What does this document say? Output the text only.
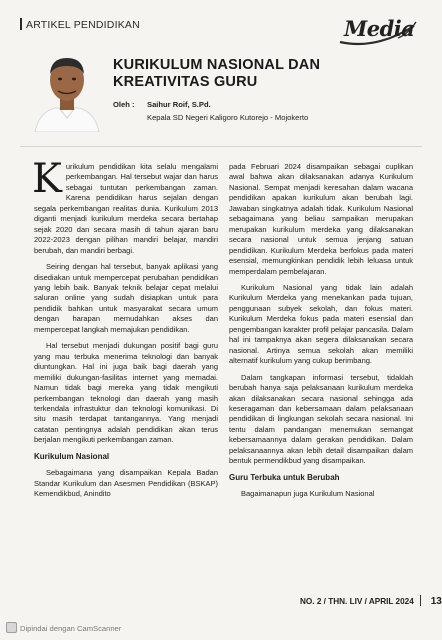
ARTIKEL PENDIDIKAN	Media
KURIKULUM NASIONAL DAN
KREATIVITAS GURU
Oleh :	Saihur Roif, S.Pd.
Kepala SD Negeri Kaligoro Kutorejo - Mojokerto

Kurikulum pendidikan kita selalu mengalami perkembangan. Hal tersebut wajar dan harus sebagai tuntutan perkembangan zaman. Karena pendidikan harus sejalan dengan segala perkembangan realitas dunia. Kurikulum 2013 diganti menjadi kurikulum merdeka secara bertahap sejak 2020 dan secara masih di tahun ajaran baru 2022-2023 dengan pilihan mandiri belajar, mandiri berubah, dan mandiri berbagi.

Seiring dengan hal tersebut, banyak aplikasi yang disediakan untuk mempercepat perubahan pendidikan yang lebih baik. Banyak teknik belajar cepat melalui saluran online yang sudah disiapkan untuk para pendidik bahkan untuk masyarakat secara umum dengan harapan memudahkan akses dan mempercepat langkah memajukan pendidikan.

Hal tersebut menjadi dukungan positif bagi guru yang mau terbuka menerima teknologi dan banyak diuntungkan. Hal ini juga baik bagi daerah yang memiliki dukungan-fasilitas internet yang memadai. Namun tidak bagi mereka yang tidak mengikuti perkembangan teknologi dan daerah yang masih terkendala infrastuktur dan teknologi komunikasi. Di situ masih terdapat tantangannya. Yang menjadi catatan pentingnya adalah pendidikan akan terus berjalan mengikuti perkembangan zaman.

Kurikulum Nasional

Sebagaimana yang disampaikan Kepala Badan Standar Kurikulum dan Asesmen Pendidikan (BSKAP) Kemendikbud, Anindito

pada Februari 2024 disampaikan sebagai cuplikan awal bahwa akan dilaksanakan adanya Kurikulum Nasional. Sempat menjadi keresahan dalam wacana pendidikan apakan kurikulum akan berubah lagi. Jawaban singkatnya adalah tidak. Kurikulum Nasional sebagaimana yang beliau sampaikan merupakan merupakan kurikulum merdeka yang dilaksanakan secara nasional untuk semua jenjang satuan pendidikan. Kurikulum Merdeka berfokus pada materi esensial, memungkinkan pendidik lebih leluasa untuk memperdalam pembelajaran.

Kurikulum Nasional yang tidak lain adalah Kurikulum Merdeka yang menekankan pada tujuan, penggunaan subyek sekolah, dan fokus materi. Kurikulum Merdeka fokus pada materi esensial dan pengembangan karakter profil pelajar pancasila. Dalam hal ini tampaknya akan segera dilaksanakan secara nasional. Artinya semua sekolah akan memiliki alternatif kurikulum yang cukup berimbang.

Dalam tangkapan informasi tersebut, tidaklah berubah hanya saja pelaksanaan kurikulum merdeka akan dilaksanakan secara nasional sehingga ada keseragaman dan kebersamaan dalam pelaksanaan pendidikan di lingkungan sekolah secara nasional. Ini tentu dalam pandangan menemukan semangat kebersamaannya dalam gerakan pendidikan. Dalam pelaksanaannya akan lebih detail disampaikan dalam bentuk permendikbud yang disampaikan.

Guru Terbuka untuk Berubah

Bagaimanapun juga Kurikulum Nasional

NO. 2 / THN. LIV / APRIL 2024 13
Dipindai dengan CamScanner
